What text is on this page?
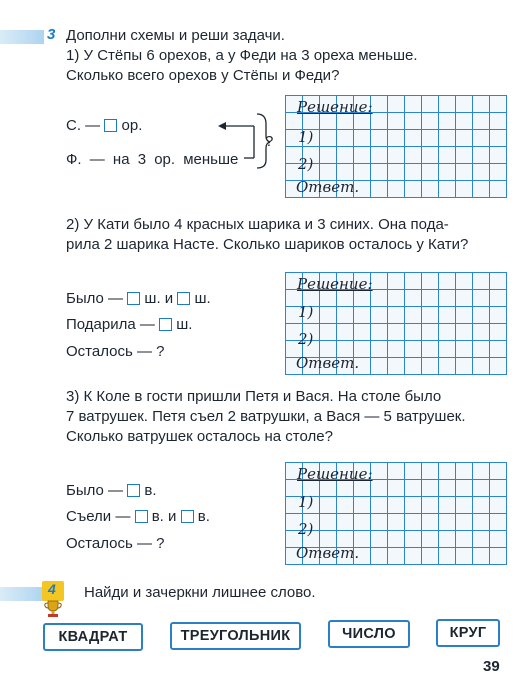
3 Дополни схемы и реши задачи.
1) У Стёпы 6 орехов, а у Феди на 3 ореха меньше.
Сколько всего орехов у Стёпы и Феди?
С. — ор.
Ф. — на 3 ор. меньше
?
Решение:
1)
2)
Ответ.
2) У Кати было 4 красных шарика и 3 синих. Она пода-
рила 2 шарика Насте. Сколько шариков осталось у Кати?
Было — ш. и ш.
Подарила — ш.
Осталось — ?
Решение:
1)
2)
Ответ.
3) К Коле в гости пришли Петя и Вася. На столе было
7 ватрушек. Петя съел 2 ватрушки, а Вася — 5 ватрушек.
Сколько ватрушек осталось на столе?
Было — в.
Съели — в. и в.
Осталось — ?
Решение:
1)
2)
Ответ.
4 Найди и зачеркни лишнее слово.
КВАДРАТ	ТРЕУГОЛЬНИК	ЧИСЛО	КРУГ
39
